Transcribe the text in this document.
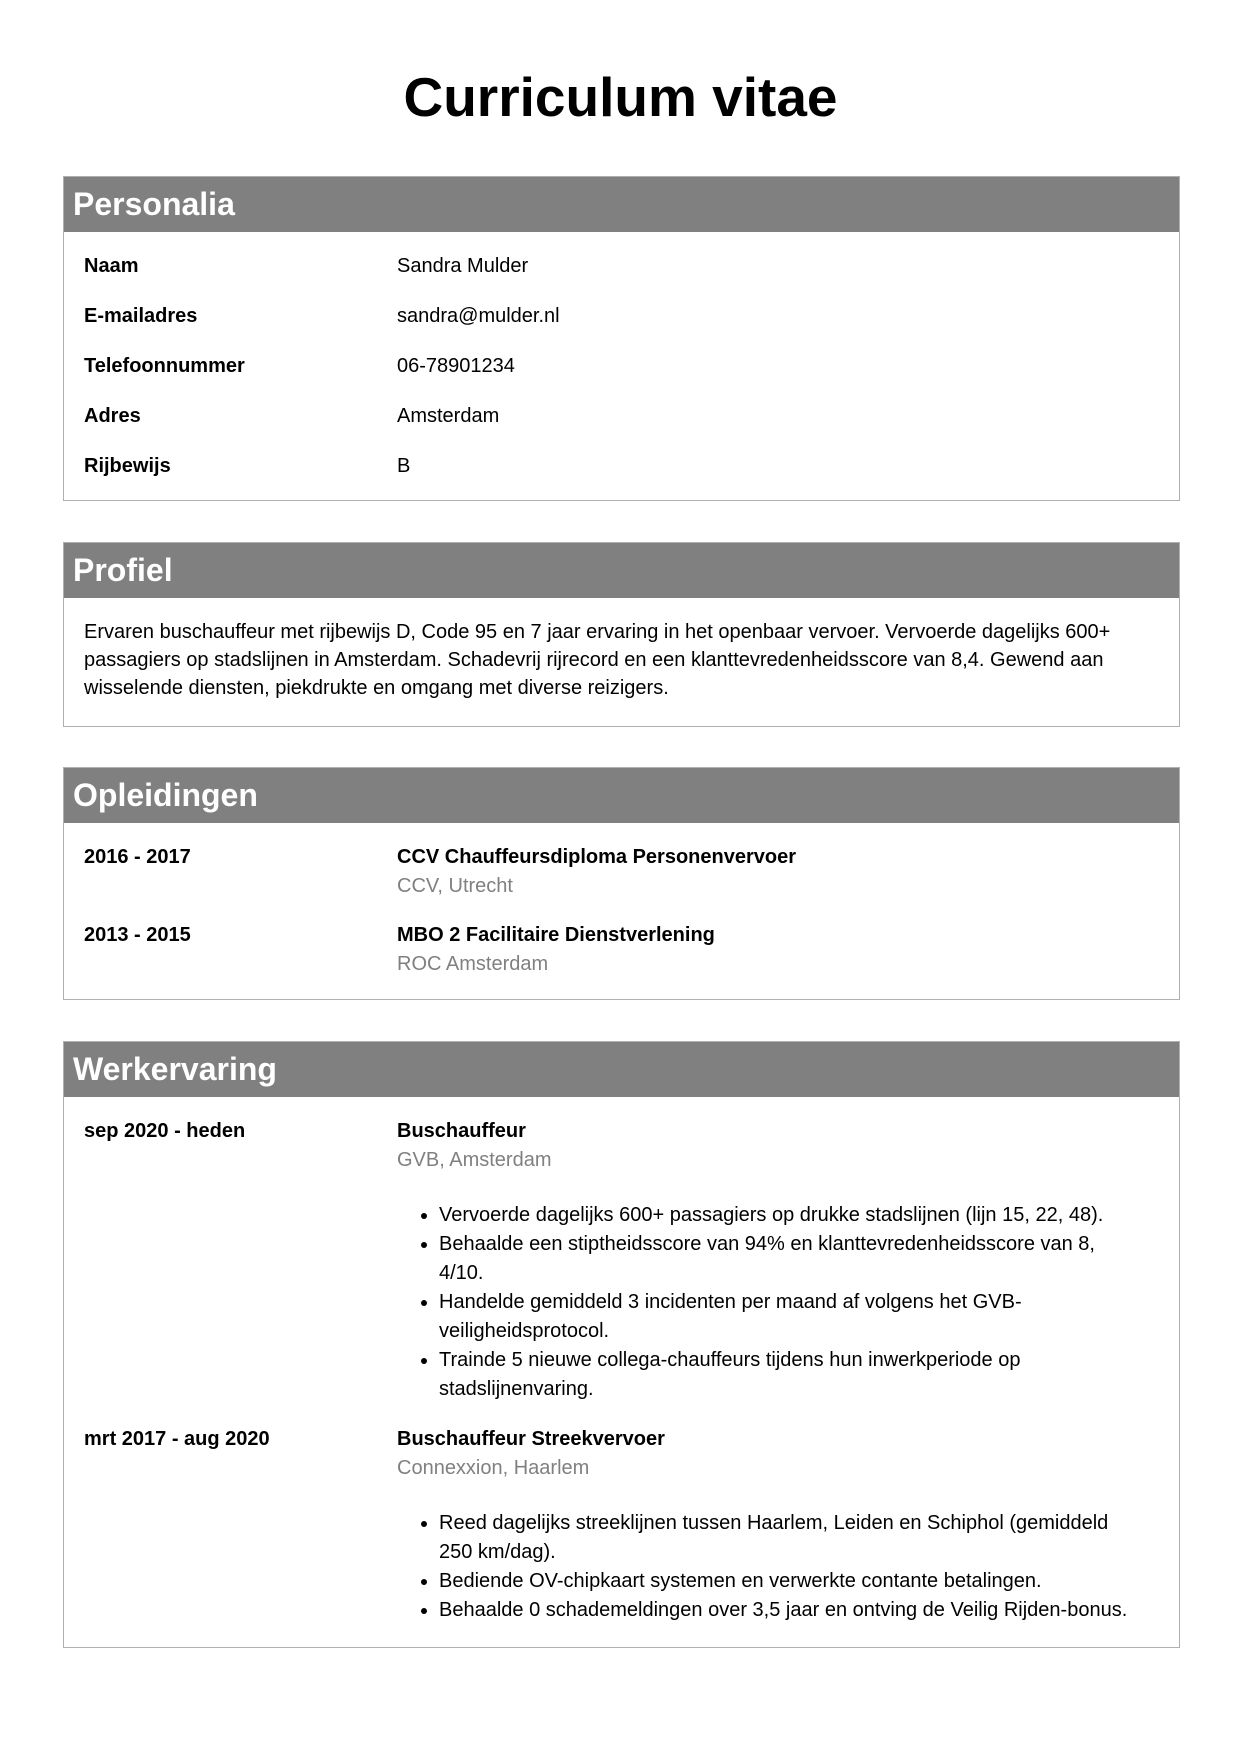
Curriculum vitae
Personalia
Naam	Sandra Mulder
E-mailadres	sandra@mulder.nl
Telefoonnummer	06-78901234
Adres	Amsterdam
Rijbewijs	B
Profiel
Ervaren buschauffeur met rijbewijs D, Code 95 en 7 jaar ervaring in het openbaar vervoer. Vervoerde dagelijks 600+ passagiers op stadslijnen in Amsterdam. Schadevrij rijrecord en een klanttevredenheidsscore van 8,4. Gewend aan wisselende diensten, piekdrukte en omgang met diverse reizigers.
Opleidingen
2016 - 2017	CCV Chauffeursdiploma Personenvervoer
CCV, Utrecht
2013 - 2015	MBO 2 Facilitaire Dienstverlening
ROC Amsterdam
Werkervaring
sep 2020 - heden	Buschauffeur
GVB, Amsterdam
• Vervoerde dagelijks 600+ passagiers op drukke stadslijnen (lijn 15, 22, 48).
• Behaalde een stiptheidsscore van 94% en klanttevredenheidsscore van 8, 4/10.
• Handelde gemiddeld 3 incidenten per maand af volgens het GVB-veiligheidsprotocol.
• Trainde 5 nieuwe collega-chauffeurs tijdens hun inwerkperiode op stadslijnenvaring.
mrt 2017 - aug 2020	Buschauffeur Streekvervoer
Connexxion, Haarlem
• Reed dagelijks streeklijnen tussen Haarlem, Leiden en Schiphol (gemiddeld 250 km/dag).
• Bediende OV-chipkaart systemen en verwerkte contante betalingen.
• Behaalde 0 schademeldingen over 3,5 jaar en ontving de Veilig Rijden-bonus.
